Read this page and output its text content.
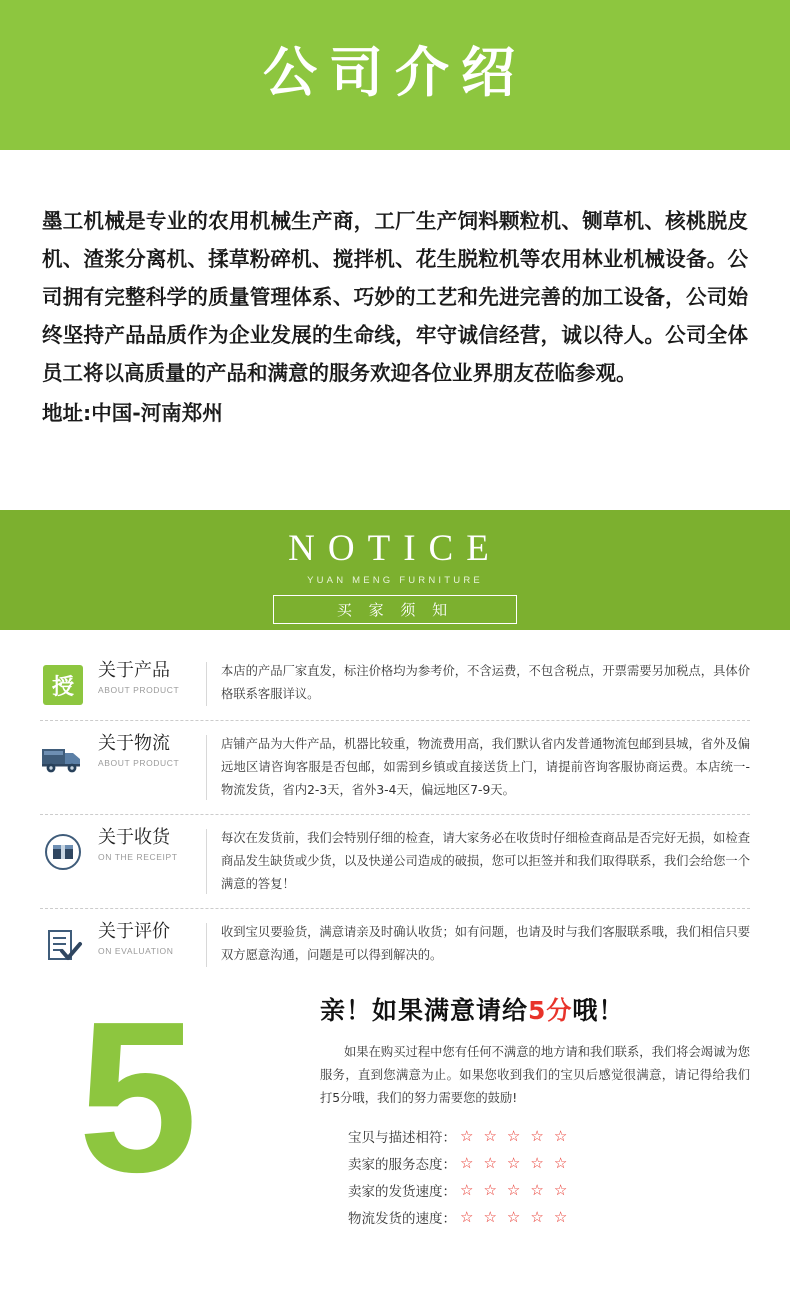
公司介绍

墨工机械是专业的农用机械生产商，工厂生产饲料颗粒机、铡草机、核桃脱皮机、渣浆分离机、揉草粉碎机、搅拌机、花生脱粒机等农用林业机械设备。公司拥有完整科学的质量管理体系、巧妙的工艺和先进完善的加工设备，公司始终坚持产品品质作为企业发展的生命线，牢守诚信经营，诚以待人。公司全体员工将以高质量的产品和满意的服务欢迎各位业界朋友莅临参观。

地址:中国-河南郑州
NOTICE
YUAN MENG FURNITURE
买 家 须 知
授
关于产品
ABOUT PRODUCT
本店的产品厂家直发，标注价格均为参考价，不含运费，不包含税点，开票需要另加税点，具体价格联系客服详议。
关于物流
ABOUT PRODUCT
店铺产品为大件产品，机器比较重，物流费用高，我们默认省内发普通物流包邮到县城，省外及偏远地区请咨询客服是否包邮，如需到乡镇或直接送货上门，请提前咨询客服协商运费。本店统一-物流发货，省内2-3天，省外3-4天，偏远地区7-9天。
关于收货
ON THE RECEIPT
每次在发货前，我们会特别仔细的检查，请大家务必在收货时仔细检查商品是否完好无损，如检查商品发生缺货或少货，以及快递公司造成的破损，您可以拒签并和我们取得联系，我们会给您一个满意的答复！
关于评价
ON EVALUATION
收到宝贝要验货，满意请亲及时确认收货；如有问题，也请及时与我们客服联系哦，我们相信只要双方愿意沟通，问题是可以得到解决的。
5	亲！如果满意请给5分哦！
如果在购买过程中您有任何不满意的地方请和我们联系，我们将会竭诚为您服务，直到您满意为止。如果您收到我们的宝贝后感觉很满意，请记得给我们打5分哦，我们的努力需要您的鼓励!
宝贝与描述相符： ☆ ☆ ☆ ☆ ☆
卖家的服务态度： ☆ ☆ ☆ ☆ ☆
卖家的发货速度： ☆ ☆ ☆ ☆ ☆
物流发货的速度： ☆ ☆ ☆ ☆ ☆
